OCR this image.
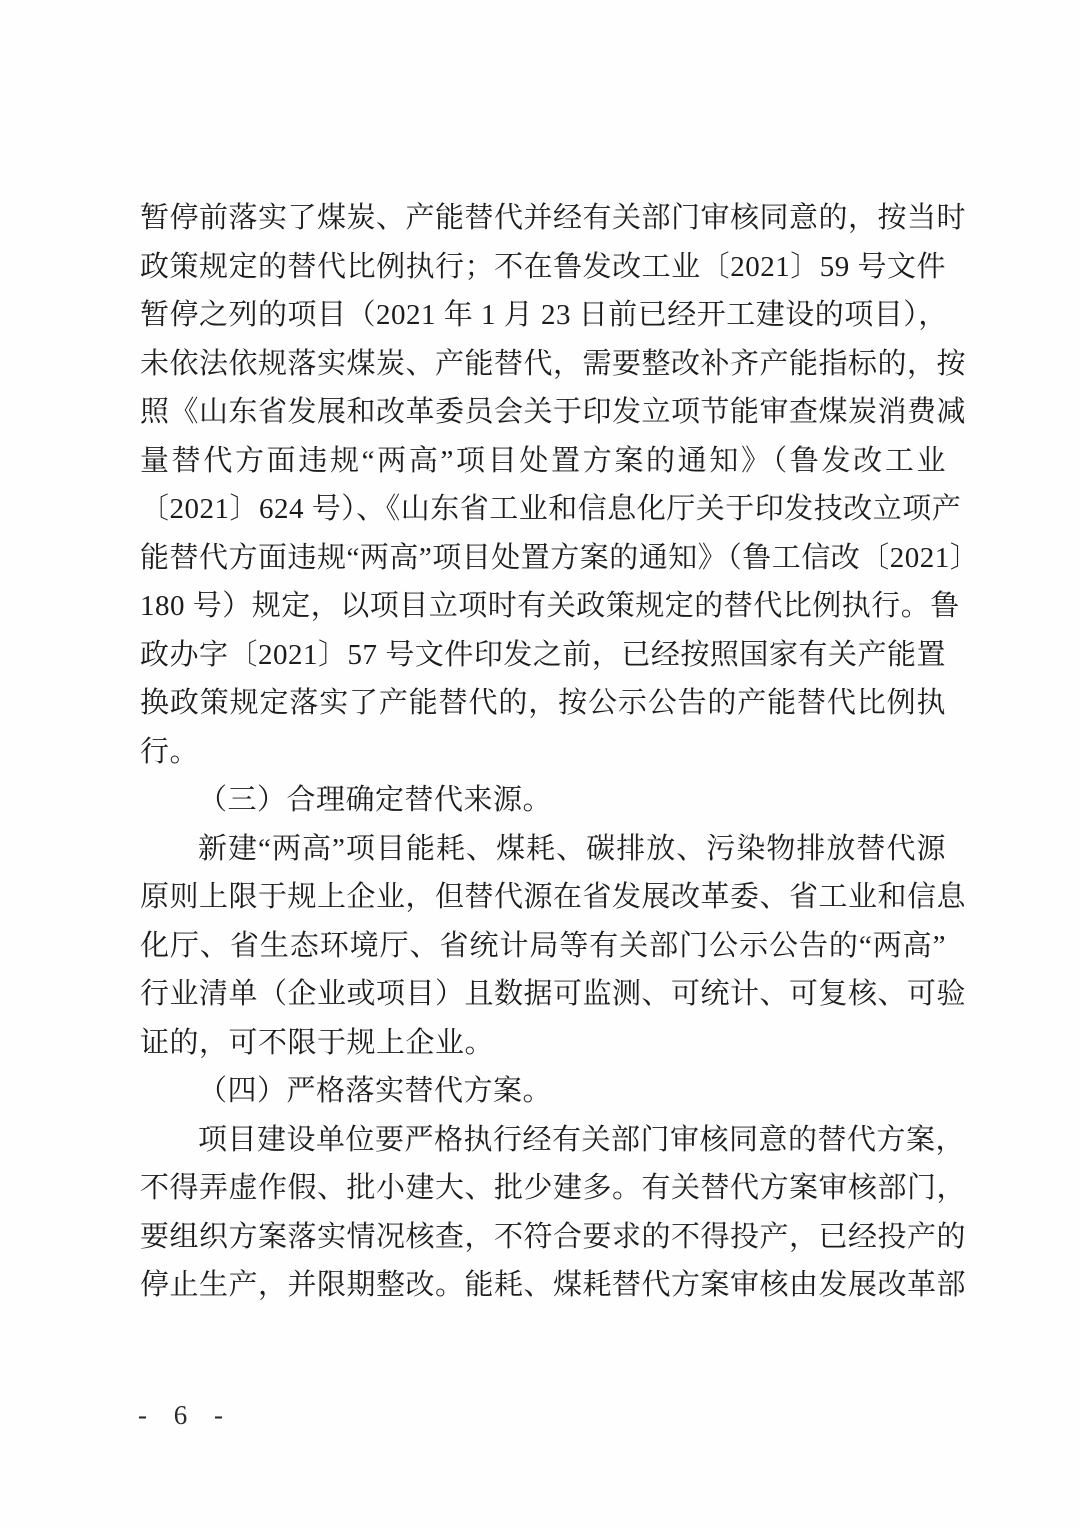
暂停前落实了煤炭、产能替代并经有关部门审核同意的，按当时
政策规定的替代比例执行；不在鲁发改工业〔2021〕59 号文件
暂停之列的项目（2021 年 1 月 23 日前已经开工建设的项目），
未依法依规落实煤炭、产能替代，需要整改补齐产能指标的，按
照《山东省发展和改革委员会关于印发立项节能审查煤炭消费减
量替代方面违规“两高”项目处置方案的通知》（鲁发改工业
〔2021〕624 号）、《山东省工业和信息化厅关于印发技改立项产
能替代方面违规“两高”项目处置方案的通知》（鲁工信改〔2021〕
180 号）规定，以项目立项时有关政策规定的替代比例执行。鲁
政办字〔2021〕57 号文件印发之前，已经按照国家有关产能置
换政策规定落实了产能替代的，按公示公告的产能替代比例执
行。
（三）合理确定替代来源。
新建“两高”项目能耗、煤耗、碳排放、污染物排放替代源
原则上限于规上企业，但替代源在省发展改革委、省工业和信息
化厅、省生态环境厅、省统计局等有关部门公示公告的“两高”
行业清单（企业或项目）且数据可监测、可统计、可复核、可验
证的，可不限于规上企业。
（四）严格落实替代方案。
项目建设单位要严格执行经有关部门审核同意的替代方案，
不得弄虚作假、批小建大、批少建多。有关替代方案审核部门，
要组织方案落实情况核查，不符合要求的不得投产，已经投产的
停止生产，并限期整改。能耗、煤耗替代方案审核由发展改革部
- 6 -
